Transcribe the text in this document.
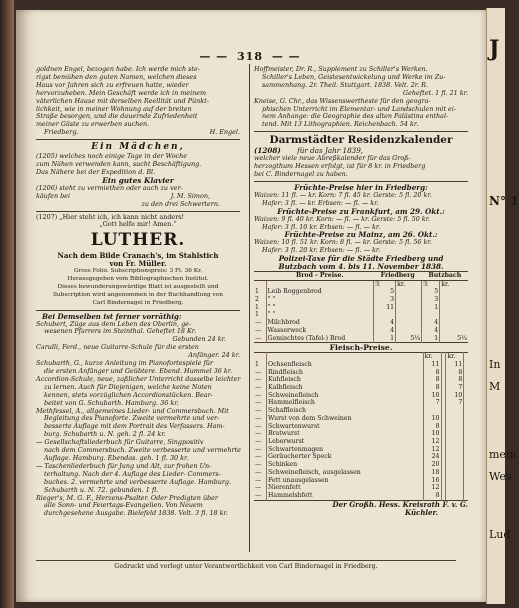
— — 318 — —
goldnen Engel, bezogen habe. Ich werde mich ste-
rigst bemühen den guten Namen, welchen dieses
Haus vor Jahren sich zu erfreuen hatte, wieder
hervorzuheben. Mein Geschäft werde ich in meinem
väterlichen Hause mit derselben Reellität und Pünkt-
lichkeit, wie in meiner Wohnung auf der breiten
Straße besorgen, und die dauernde Zufriedenheit
meiner Gäste zu erwerben suchen.
Friedberg.	H. Engel.
Ein Mädchen,
(1205) welches noch einige Tage in der Woche
zum Nähen verwenden kann, sucht Beschäftigung.
Das Nähere bei der Expedition d. Bl.
Ein gutes Klavier
(1206) steht zu vermiethen oder auch zu ver-
käufen bei	J. M. Simon,
zu den drei Schwertern.
(1207) „Hier steht ich, ich kann nicht anders!
„Gott helfe mir! Amen.“
LUTHER.
Nach dem Bilde Cranach's, im Stahlstich
von Fr. Müller.
Gross Folio. Subscriptionspreis: 3 Fl. 36 Kr.
Herausgegeben vom Bibliographischen Institut.
Dieses bewunderungswürdige Blatt ist ausgestellt und
Subscription wird angenommen in der Buchhandlung von
Carl Bindernagel in Friedberg.
Bei Demselben ist ferner vorräthig:
Schubert, Züge aus dem Leben des Oberlin, ge-
wesenen Pfarrers im Steinthal. Geheftet 18 Kr.
Gebunden 24 kr.
Carulli, Ferd., neue Guitarre-Schule für die ersten
Anfänger. 24 kr.
Schubarth, G., kurze Anleitung im Pianofortespiele für
die ersten Anfänger und Geübtere. Ebend. Hummel 36 kr.
Accordion-Schule, neue, zaßlicher Unterricht dasselbe leichter
zu lernen. Auch für Diejenigen, welche keine Noten
kennen, stets vorzüglichen Accordionstücken. Bear-
beitet von G. Schubarth. Hamburg. 36 kr.
Methfessel, A., allgemeines Lieder- und Commersbuch. Mit
Begleitung des Pianoforte. Zweite vermehrte und ver-
besserte Auflage mit dem Portrait des Verfassers. Ham-
burg. Schubarth u. N. geh. 2 fl. 24 kr.
— Gesellschaftsliederbuch für Guitarre, Singpositiv
nach dem Commersbuch. Zweite verbesserte und vermehrte
Auflage. Hamburg. Ebendas. geh. 1 fl. 30 kr.
— Taschenliederbuch für Jung und Alt, zur frohen Un-
terhaltung. Nach der 4. Auflage des Lieder- Commers-
buches. 2. vermehrte und verbesserte Auflage. Hamburg.
Schubarth u. N. 72. gebunden. 1 fl.
Rieger's, M. G. F., Herzens-Psalter. Oder Predigten über
alle Sonn- und Feiertags-Evangelien. Von Neuem
durchgesehene Ausgabe. Bielefeld 1838. Velt. 3 fl. 18 kr.
Hoffmeister, Dr. R., Supplement zu Schiller's Werken.
Schiller's Leben, Geistesentwickelung und Werke im Zu-
sammenhang. 2r. Theil. Stuttgart. 1838. Velt. 2r. R.
Geheftet. 1 fl. 21 kr.
Kneise, G. Chr., das Wissenswertheste für den geogra-
phischen Unterricht im Elementar- und Landschulen mit ei-
nem Anhange: die Geographie des alten Palästina enthal-
tend. Mit 13 Lithographien. Reichenbach. 54 kr.
Darmstädter Residenzkalender
(1208) für das Jahr 1839,
welcher viele neue Abreßkalender für das Groß-
herzogthum Hessen erfolgt, ist für 8 kr. in Friedberg
bei C. Bindernagel zu haben.
Früchte-Preise hier in Friedberg:
Waizen: 11 fl. — kr. Korn: 7 fl. 45 kr. Gerste: 5 fl. 20 kr.
Hafer: 3 fl. — kr. Erbsen: — fl. — kr.
Früchte-Preise zu Frankfurt, am 29. Okt.:
Waizen: 9 fl. 40 kr. Korn: — fl. — kr. Gerste: 5 fl. 50 kr.
Hafer: 3 fl. 10 kr. Erbsen: — fl. — kr.
Früchte-Preise zu Mainz, am 26. Okt.:
Waizen: 10 fl. 51 kr. Korn: 8 fl. — kr. Gerste: 5 fl. 56 kr.
Hafer: 3 fl. 20 kr. Erbsen: — fl. — kr.
Polizei-Taxe für die Städte Friedberg und
Butzbach vom 4. bis 11. November 1838.
	Brod - Preise.	Friedberg		Butzbach	
		ℛ	kr.	ℛ	kr.
1	Leib Roggenbrod	5		5	
2	" "	3		3	
1	" "	11		1	
1	" "				
—	Milchbrod	4		4	
—	Wasserweck	4		4	
—	Gemischtes (Tafel-) Brod	1	5¼	1	5¼
Fleisch-Preise.
		kr.		kr.	
1	Ochsenfleisch	11		11	
—	Rindfleisch	8		8	
—	Kuhfleisch	8		8	
—	Kalbfleisch	8		7	
—	Schweinefleisch	10		10	
—	Hammelfleisch	7		7	
—	Schaffleisch				
—	Wurst von dem Schweinen	10			
—	Schwartenwurst	8			
—	Bratwurst	10			
—	Leberwurst	12			
—	Schwartenmagen	12			
—	Geräucherter Speck	24			
—	Schinken	20			
—	Schweinefleisch, ausgelassen	18			
—	Fett unausgelassen	16			
—	Nierenfett	12			
—	Hammelsbfett	8			
Der Großh. Hess. Kreisrath F. v. G.
Küchler.
Gedruckt und verlegt unter Verantwortlichkeit von Carl Bindernagel in Friedberg.
J
N° 1
In
M
mein
Wes
Lud
